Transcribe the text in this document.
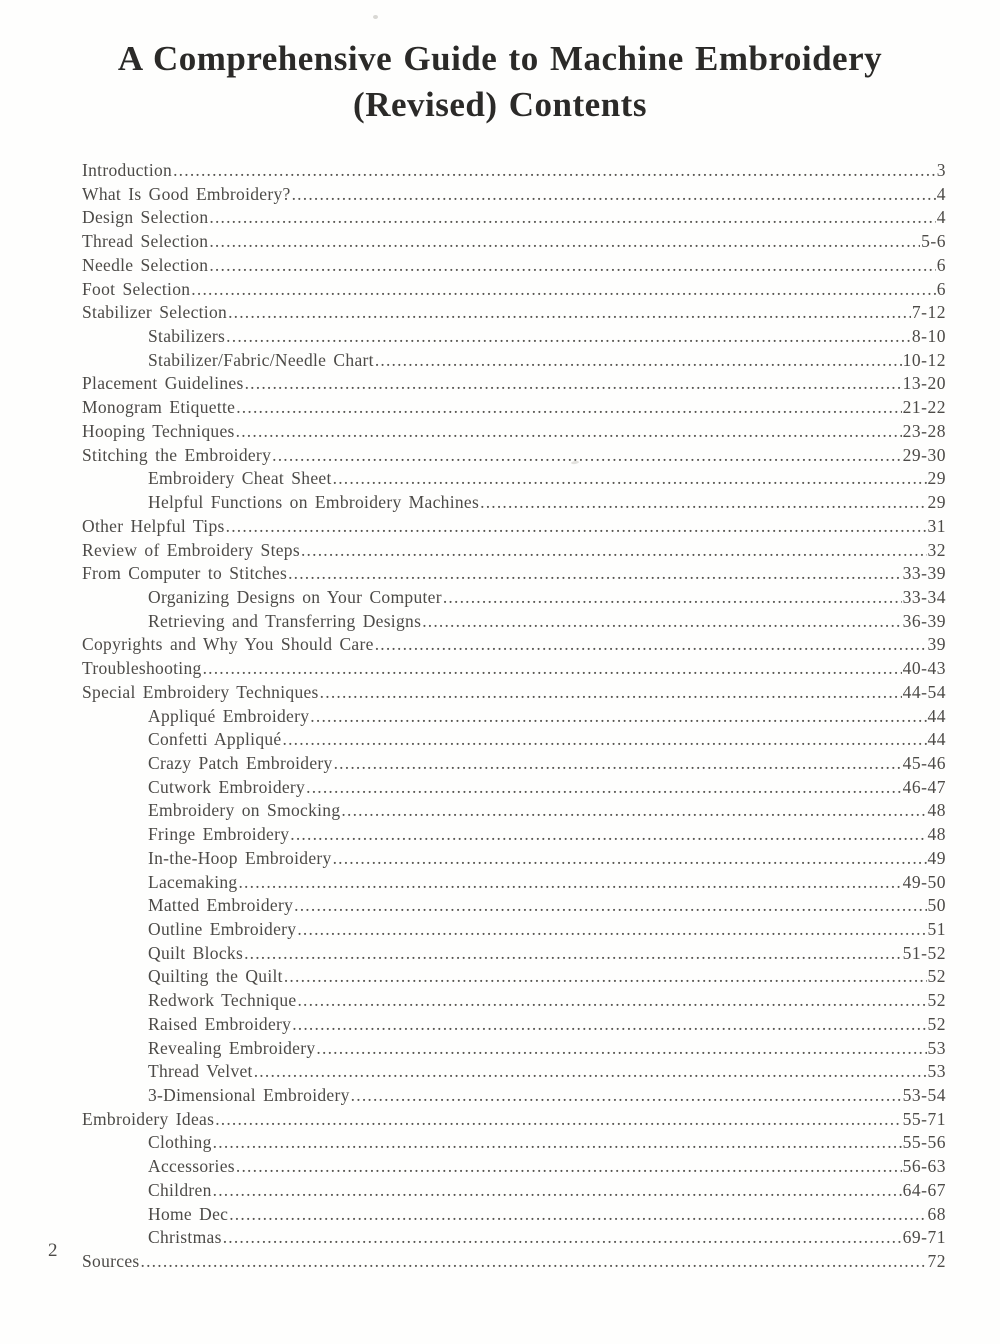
A Comprehensive Guide to Machine Embroidery
(Revised) Contents
Introduction .....	3
What Is Good Embroidery? .....	4
Design Selection .....	4
Thread Selection .....	5-6
Needle Selection .....	6
Foot Selection .....	6
Stabilizer Selection .....	7-12
Stabilizers .....	8-10
Stabilizer/Fabric/Needle Chart .....	10-12
Placement Guidelines .....	13-20
Monogram Etiquette .....	21-22
Hooping Techniques .....	23-28
Stitching the Embroidery .....	29-30
Embroidery Cheat Sheet .....	29
Helpful Functions on Embroidery Machines .....	29
Other Helpful Tips .....	31
Review of Embroidery Steps .....	32
From Computer to Stitches .....	33-39
Organizing Designs on Your Computer .....	33-34
Retrieving and Transferring Designs .....	36-39
Copyrights and Why You Should Care .....	39
Troubleshooting .....	40-43
Special Embroidery Techniques .....	44-54
Appliqué Embroidery .....	44
Confetti Appliqué .....	44
Crazy Patch Embroidery .....	45-46
Cutwork Embroidery .....	46-47
Embroidery on Smocking .....	48
Fringe Embroidery .....	48
In-the-Hoop Embroidery .....	49
Lacemaking .....	49-50
Matted Embroidery .....	50
Outline Embroidery .....	51
Quilt Blocks .....	51-52
Quilting the Quilt .....	52
Redwork Technique .....	52
Raised Embroidery .....	52
Revealing Embroidery .....	53
Thread Velvet .....	53
3-Dimensional Embroidery .....	53-54
Embroidery Ideas .....	55-71
Clothing .....	55-56
Accessories .....	56-63
Children .....	64-67
Home Dec .....	68
Christmas .....	69-71
Sources .....	72
2
